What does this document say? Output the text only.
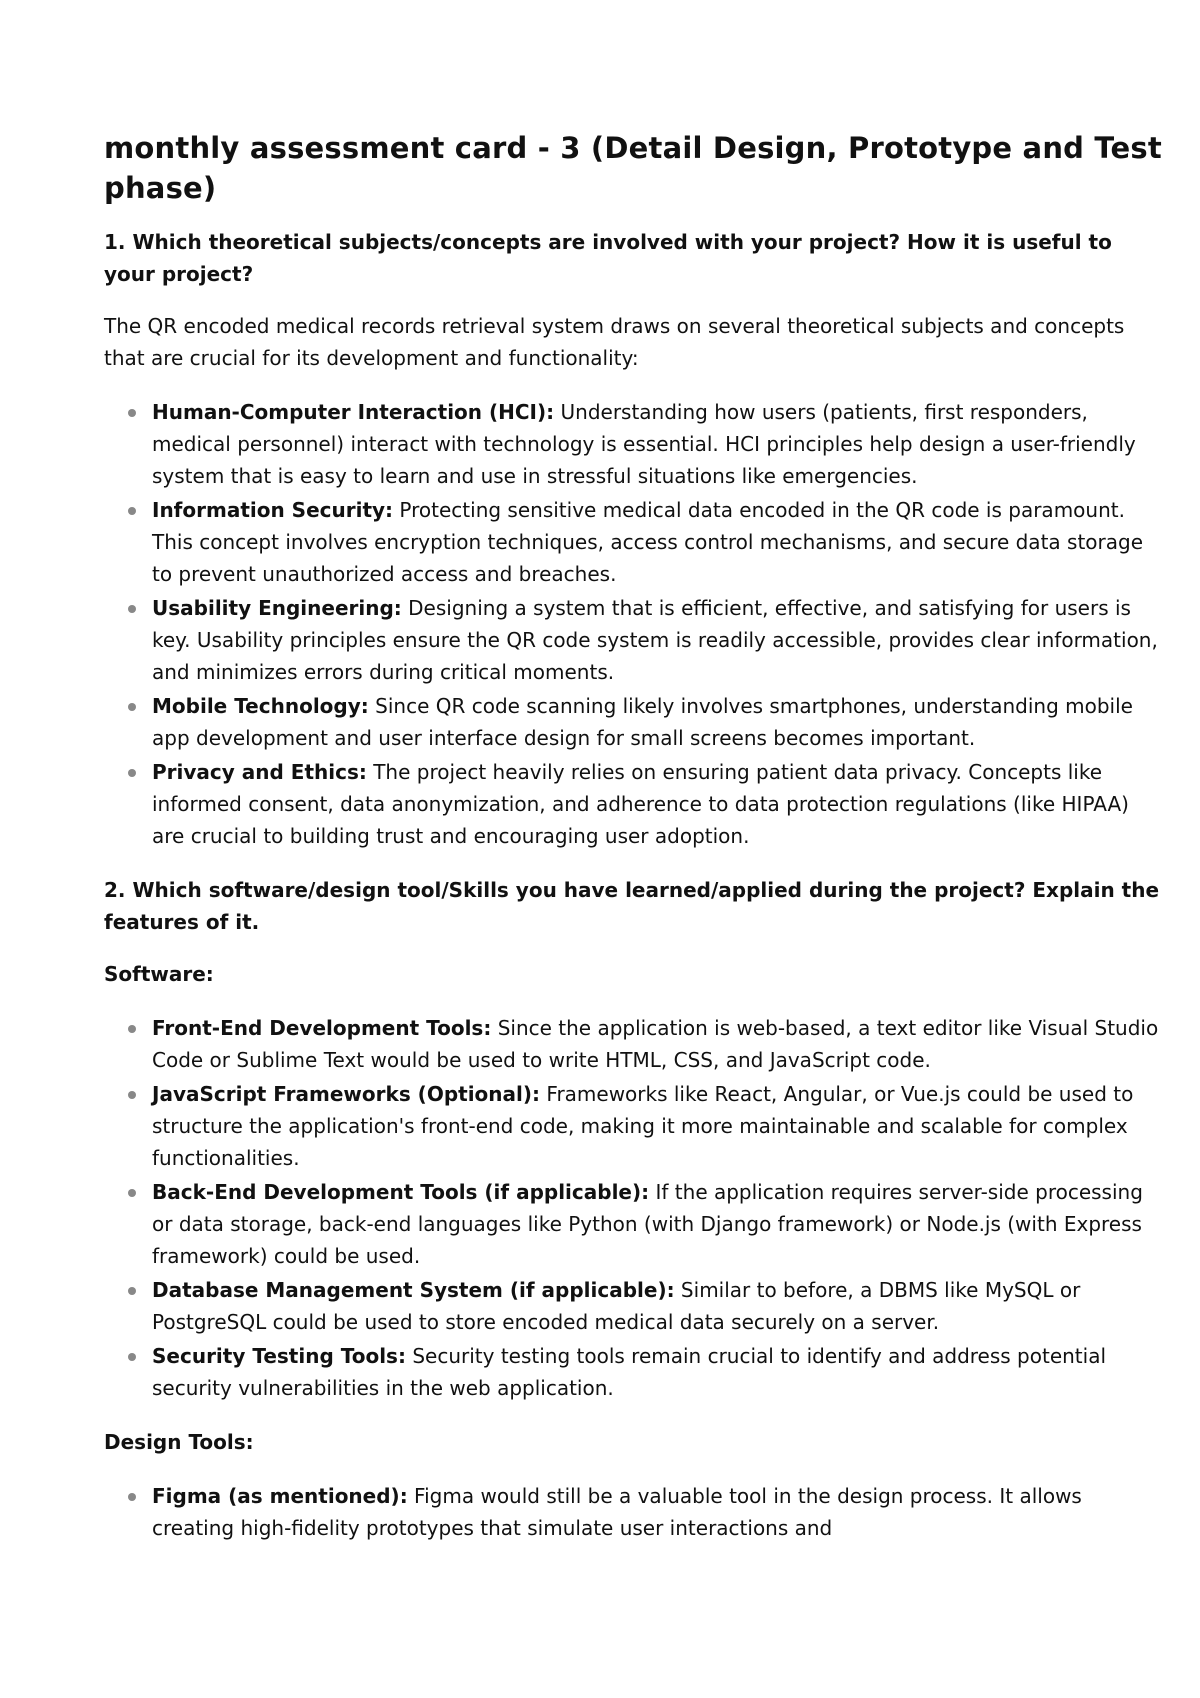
monthly assessment card - 3 (Detail Design, Prototype and Test phase)
1. Which theoretical subjects/concepts are involved with your project? How it is useful to your project?

The QR encoded medical records retrieval system draws on several theoretical subjects and concepts that are crucial for its development and functionality:

Human-Computer Interaction (HCI): Understanding how users (patients, first responders, medical personnel) interact with technology is essential. HCI principles help design a user-friendly system that is easy to learn and use in stressful situations like emergencies.
Information Security: Protecting sensitive medical data encoded in the QR code is paramount. This concept involves encryption techniques, access control mechanisms, and secure data storage to prevent unauthorized access and breaches.
Usability Engineering: Designing a system that is efficient, effective, and satisfying for users is key. Usability principles ensure the QR code system is readily accessible, provides clear information, and minimizes errors during critical moments.
Mobile Technology: Since QR code scanning likely involves smartphones, understanding mobile app development and user interface design for small screens becomes important.
Privacy and Ethics: The project heavily relies on ensuring patient data privacy. Concepts like informed consent, data anonymization, and adherence to data protection regulations (like HIPAA) are crucial to building trust and encouraging user adoption.
2. Which software/design tool/Skills you have learned/applied during the project? Explain the features of it.
Software:
Front-End Development Tools: Since the application is web-based, a text editor like Visual Studio Code or Sublime Text would be used to write HTML, CSS, and JavaScript code.
JavaScript Frameworks (Optional): Frameworks like React, Angular, or Vue.js could be used to structure the application's front-end code, making it more maintainable and scalable for complex functionalities.
Back-End Development Tools (if applicable): If the application requires server-side processing or data storage, back-end languages like Python (with Django framework) or Node.js (with Express framework) could be used.
Database Management System (if applicable): Similar to before, a DBMS like MySQL or PostgreSQL could be used to store encoded medical data securely on a server.
Security Testing Tools: Security testing tools remain crucial to identify and address potential security vulnerabilities in the web application.
Design Tools:
Figma (as mentioned): Figma would still be a valuable tool in the design process. It allows creating high-fidelity prototypes that simulate user interactions and
